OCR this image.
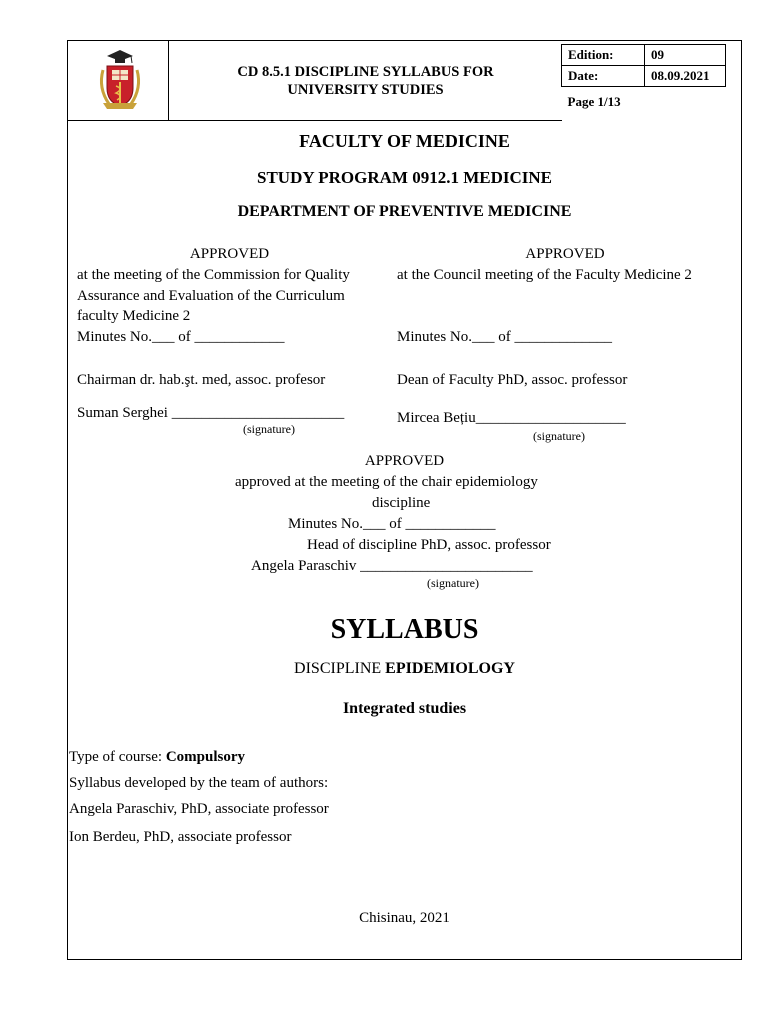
CD 8.5.1 DISCIPLINE SYLLABUS FOR
UNIVERSITY STUDIES
Edition:	09
Date:	08.09.2021
Page 1/13	
FACULTY OF MEDICINE
STUDY PROGRAM 0912.1 MEDICINE
DEPARTMENT OF PREVENTIVE MEDICINE
APPROVED
at the meeting of the Commission for Quality
Assurance and Evaluation of the Curriculum
faculty Medicine 2
Minutes No.___ of ____________
Chairman dr. hab.şt. med, assoc. profesor
Suman Serghei _______________________
(signature)
APPROVED
at the Council meeting of the Faculty Medicine 2
Minutes No.___ of _____________
Dean of Faculty PhD, assoc. professor
Mircea Bețiu____________________
(signature)
APPROVED
approved at the meeting of the chair epidemiology
discipline
Minutes No.___ of ____________
Head of discipline PhD, assoc. professor
Angela Paraschiv _______________________
(signature)
SYLLABUS
DISCIPLINE EPIDEMIOLOGY
Integrated studies
Type of course: Compulsory
Syllabus developed by the team of authors:
Angela Paraschiv, PhD, associate professor
Ion Berdeu, PhD, associate professor
Chisinau, 2021
